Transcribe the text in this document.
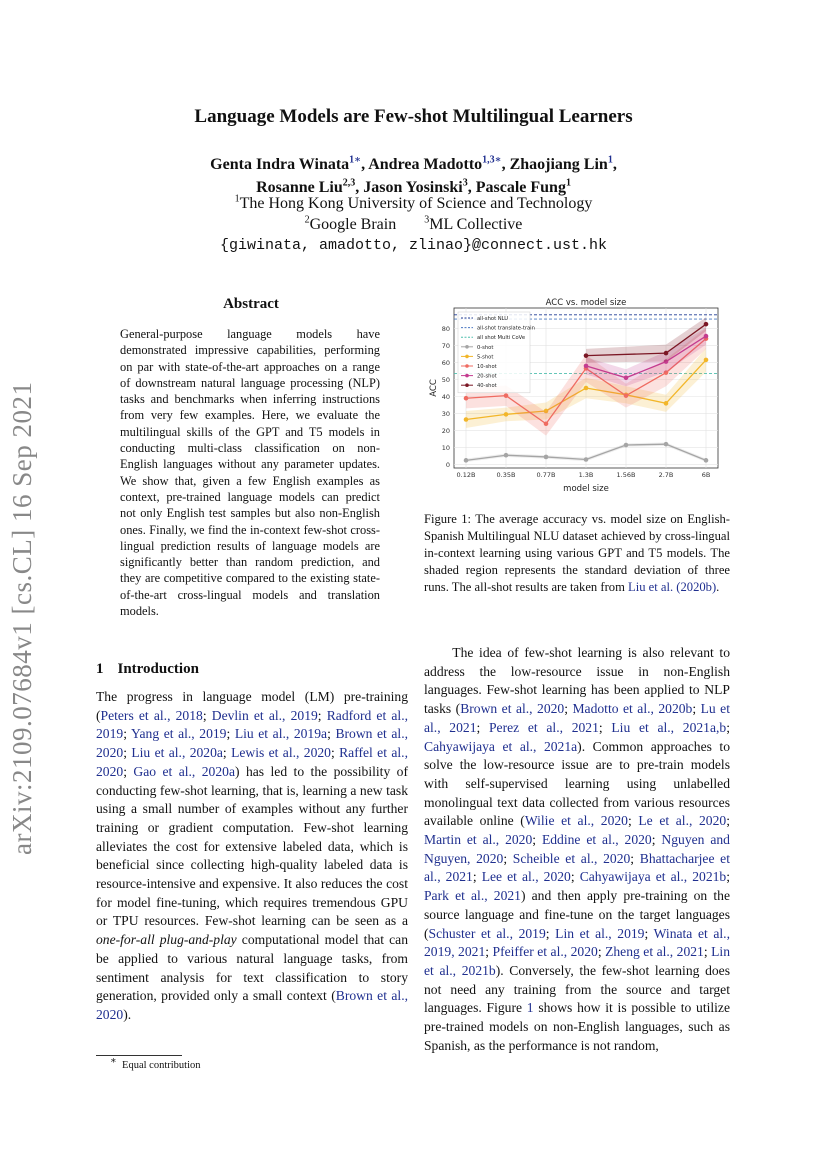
arXiv:2109.07684v1 [cs.CL] 16 Sep 2021
Language Models are Few-shot Multilingual Learners
Genta Indra Winata$^{1∗}$, Andrea Madotto$^{1,3∗}$, Zhaojiang Lin$^1$,
Rosanne Liu$^{2,3}$, Jason Yosinski$^3$, Pascale Fung$^1$
$^1$The Hong Kong University of Science and Technology
$^2$Google Brain	$^3$ML Collective
{giwinata, amadotto, zlinao}@connect.ust.hk
Abstract
General-purpose language models have demonstrated impressive capabilities, performing on par with state-of-the-art approaches on a range of downstream natural language processing (NLP) tasks and benchmarks when inferring instructions from very few examples. Here, we evaluate the multilingual skills of the GPT and T5 models in conducting multi-class classification on non-English languages without any parameter updates. We show that, given a few English examples as context, pre-trained language models can predict not only English test samples but also non-English ones. Finally, we find the in-context few-shot cross-lingual prediction results of language models are significantly better than random prediction, and they are competitive compared to the existing state-of-the-art cross-lingual models and translation models.
1 Introduction
The progress in language model (LM) pre-training (Peters et al., 2018; Devlin et al., 2019; Radford et al., 2019; Yang et al., 2019; Liu et al., 2019a; Brown et al., 2020; Liu et al., 2020a; Lewis et al., 2020; Raffel et al., 2020; Gao et al., 2020a) has led to the possibility of conducting few-shot learning, that is, learning a new task using a small number of examples without any further training or gradient computation. Few-shot learning alleviates the cost for extensive labeled data, which is beneficial since collecting high-quality labeled data is resource-intensive and expensive. It also reduces the cost for model fine-tuning, which requires tremendous GPU or TPU resources. Few-shot learning can be seen as a one-for-all plug-and-play computational model that can be applied to various natural language tasks, from sentiment analysis for text classification to story generation, provided only a small context (Brown et al., 2020).
∗ Equal contribution
ACC vs. model size
model size
ACC
0
10
20
30
40
50
60
70
80
0.12B	0.35B	0.77B	1.3B	1.56B	2.7B	6B
all-shot NLU
all-shot translate-train
all shot Multi CoVe
0-shot
5-shot
10-shot
20-shot
40-shot
Figure 1: The average accuracy vs. model size on English-Spanish Multilingual NLU dataset achieved by cross-lingual in-context learning using various GPT and T5 models. The shaded region represents the standard deviation of three runs. The all-shot results are taken from Liu et al. (2020b).
The idea of few-shot learning is also relevant to address the low-resource issue in non-English languages. Few-shot learning has been applied to NLP tasks (Brown et al., 2020; Madotto et al., 2020b; Lu et al., 2021; Perez et al., 2021; Liu et al., 2021a,b; Cahyawijaya et al., 2021a). Common approaches to solve the low-resource issue are to pre-train models with self-supervised learning using unlabelled monolingual text data collected from various resources available online (Wilie et al., 2020; Le et al., 2020; Martin et al., 2020; Eddine et al., 2020; Nguyen and Nguyen, 2020; Scheible et al., 2020; Bhattacharjee et al., 2021; Lee et al., 2020; Cahyawijaya et al., 2021b; Park et al., 2021) and then apply pre-training on the source language and fine-tune on the target languages (Schuster et al., 2019; Lin et al., 2019; Winata et al., 2019, 2021; Pfeiffer et al., 2020; Zheng et al., 2021; Lin et al., 2021b). Conversely, the few-shot learning does not need any training from the source and target languages. Figure 1 shows how it is possible to utilize pre-trained models on non-English languages, such as Spanish, as the performance is not random,
